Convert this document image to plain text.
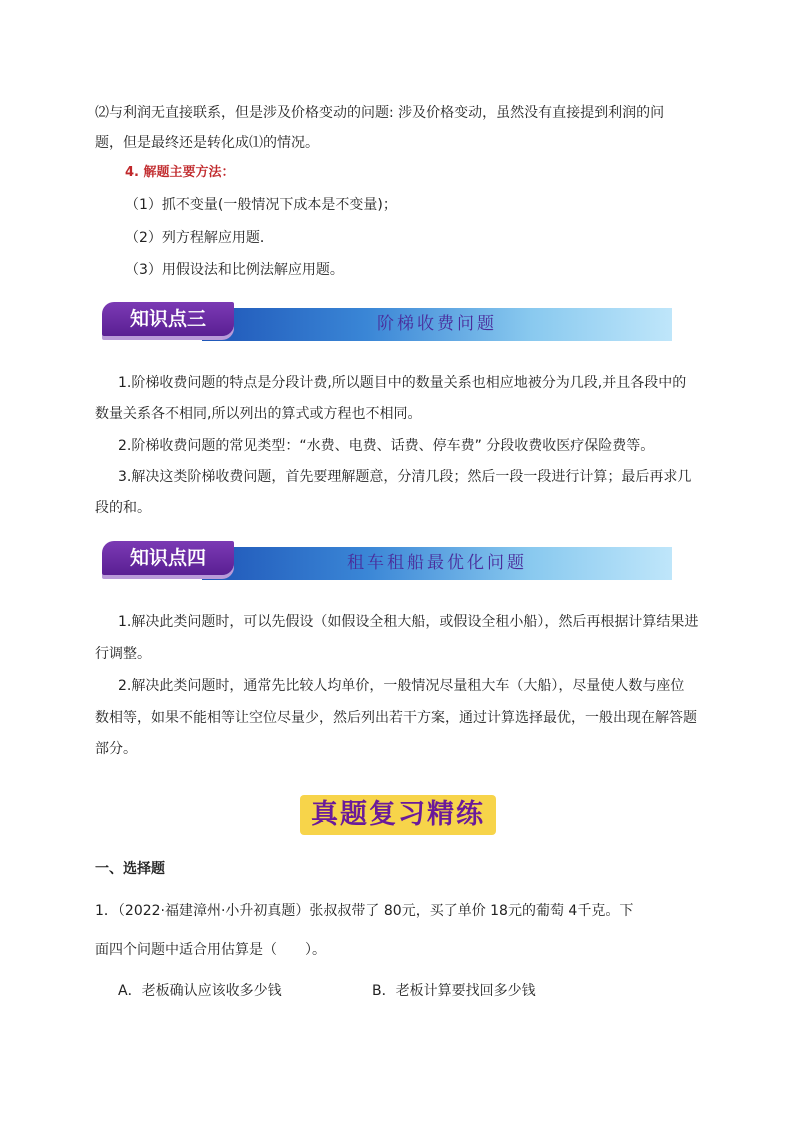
⑵与利润无直接联系，但是涉及价格变动的问题: 涉及价格变动，虽然没有直接提到利润的问
题，但是最终还是转化成⑴的情况。
4. 解题主要方法：
（1）抓不变量(一般情况下成本是不变量)；
（2）列方程解应用题．
（3）用假设法和比例法解应用题。
阶梯收费问题
知识点三
1.阶梯收费问题的特点是分段计费,所以题目中的数量关系也相应地被分为几段,并且各段中的
数量关系各不相同,所以列出的算式或方程也不相同。
2.阶梯收费问题的常见类型：“水费、电费、话费、停车费” 分段收费收医疗保险费等。
3.解决这类阶梯收费问题，首先要理解题意，分清几段；然后一段一段进行计算；最后再求几
段的和。
租车租船最优化问题
知识点四
1.解决此类问题时，可以先假设（如假设全租大船，或假设全租小船），然后再根据计算结果进
行调整。
2.解决此类问题时，通常先比较人均单价，一般情况尽量租大车（大船），尽量使人数与座位
数相等，如果不能相等让空位尽量少，然后列出若干方案，通过计算选择最优，一般出现在解答题
部分。
真题复习精练
一、选择题
1．（2022·福建漳州·小升初真题）张叔叔带了 80元，买了单价 18元的葡萄 4千克。下
面四个问题中适合用估算是（　　）。
A．老板确认应该收多少钱	B．老板计算要找回多少钱
